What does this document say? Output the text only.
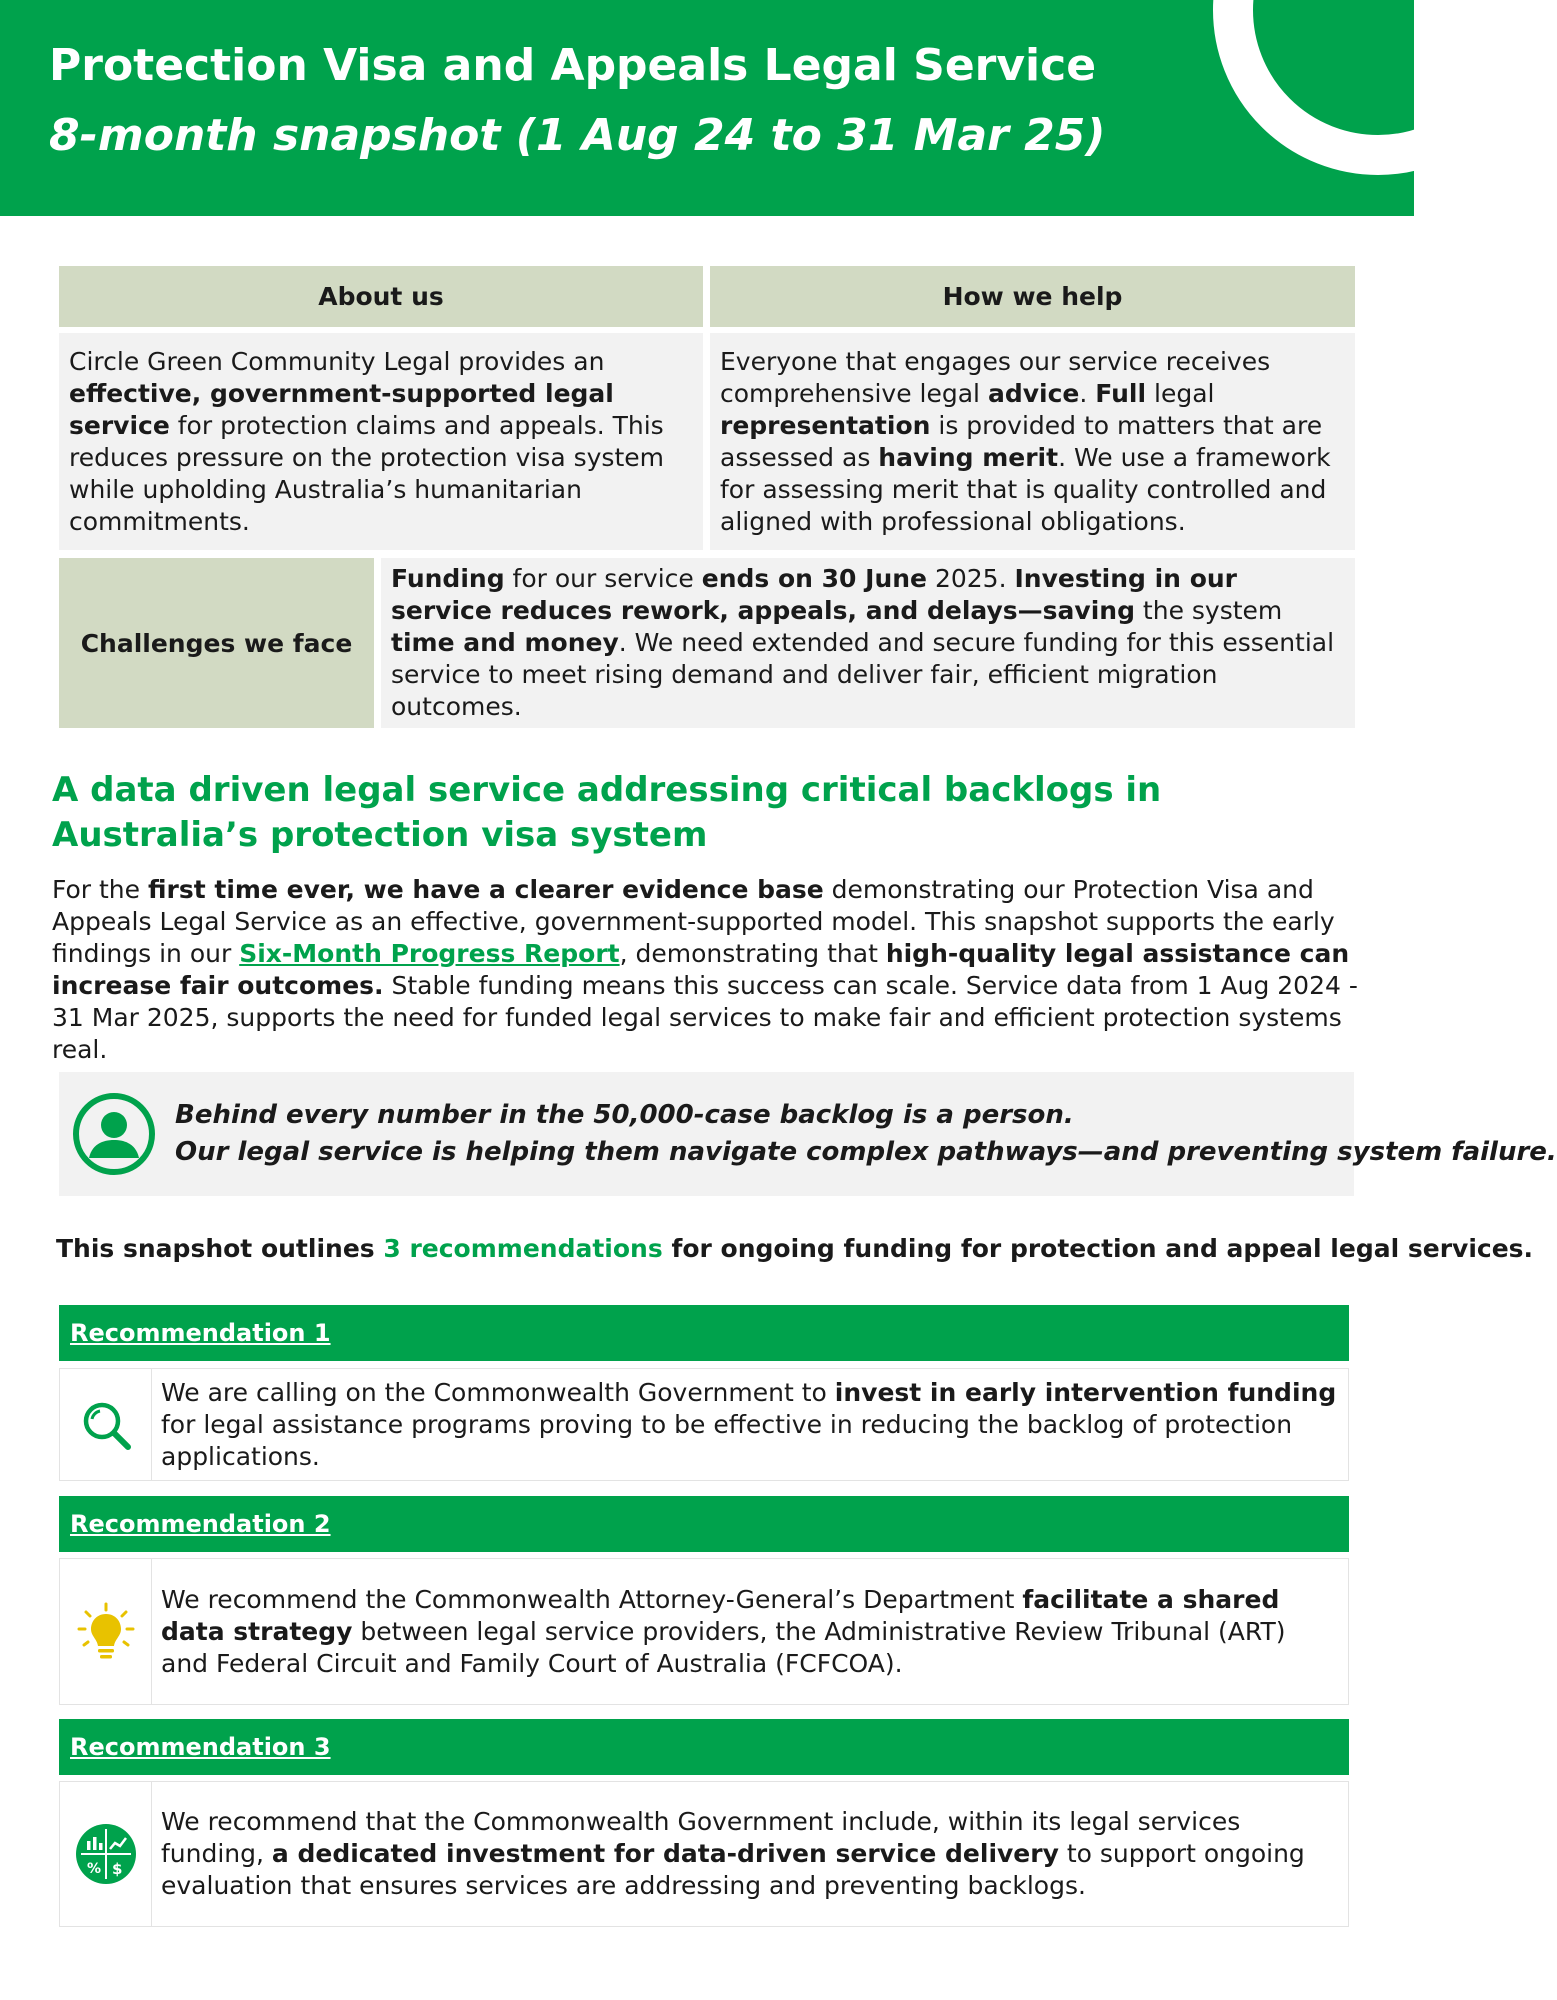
Protection Visa and Appeals Legal Service
8-month snapshot (1 Aug 24 to 31 Mar 25)
About us	How we help
Circle Green Community Legal provides an effective, government-supported legal service for protection claims and appeals. This reduces pressure on the protection visa system while upholding Australia’s humanitarian commitments.
Everyone that engages our service receives comprehensive legal advice. Full legal representation is provided to matters that are assessed as having merit. We use a framework for assessing merit that is quality controlled and aligned with professional obligations.
Challenges we face
Funding for our service ends on 30 June 2025. Investing in our service reduces rework, appeals, and delays—saving the system time and money. We need extended and secure funding for this essential service to meet rising demand and deliver fair, efficient migration outcomes.
A data driven legal service addressing critical backlogs in Australia’s protection visa system

For the first time ever, we have a clearer evidence base demonstrating our Protection Visa and Appeals Legal Service as an effective, government-supported model. This snapshot supports the early findings in our Six-Month Progress Report, demonstrating that high-quality legal assistance can increase fair outcomes. Stable funding means this success can scale. Service data from 1 Aug 2024 - 31 Mar 2025, supports the need for funded legal services to make fair and efficient protection systems real.

Behind every number in the 50,000-case backlog is a person.
Our legal service is helping them navigate complex pathways—and preventing system failure.

This snapshot outlines 3 recommendations for ongoing funding for protection and appeal legal services.

Recommendation 1
We are calling on the Commonwealth Government to invest in early intervention funding for legal assistance programs proving to be effective in reducing the backlog of protection applications.
Recommendation 2
We recommend the Commonwealth Attorney-General’s Department facilitate a shared data strategy between legal service providers, the Administrative Review Tribunal (ART) and Federal Circuit and Family Court of Australia (FCFCOA).
Recommendation 3
% $
We recommend that the Commonwealth Government include, within its legal services funding, a dedicated investment for data-driven service delivery to support ongoing evaluation that ensures services are addressing and preventing backlogs.
